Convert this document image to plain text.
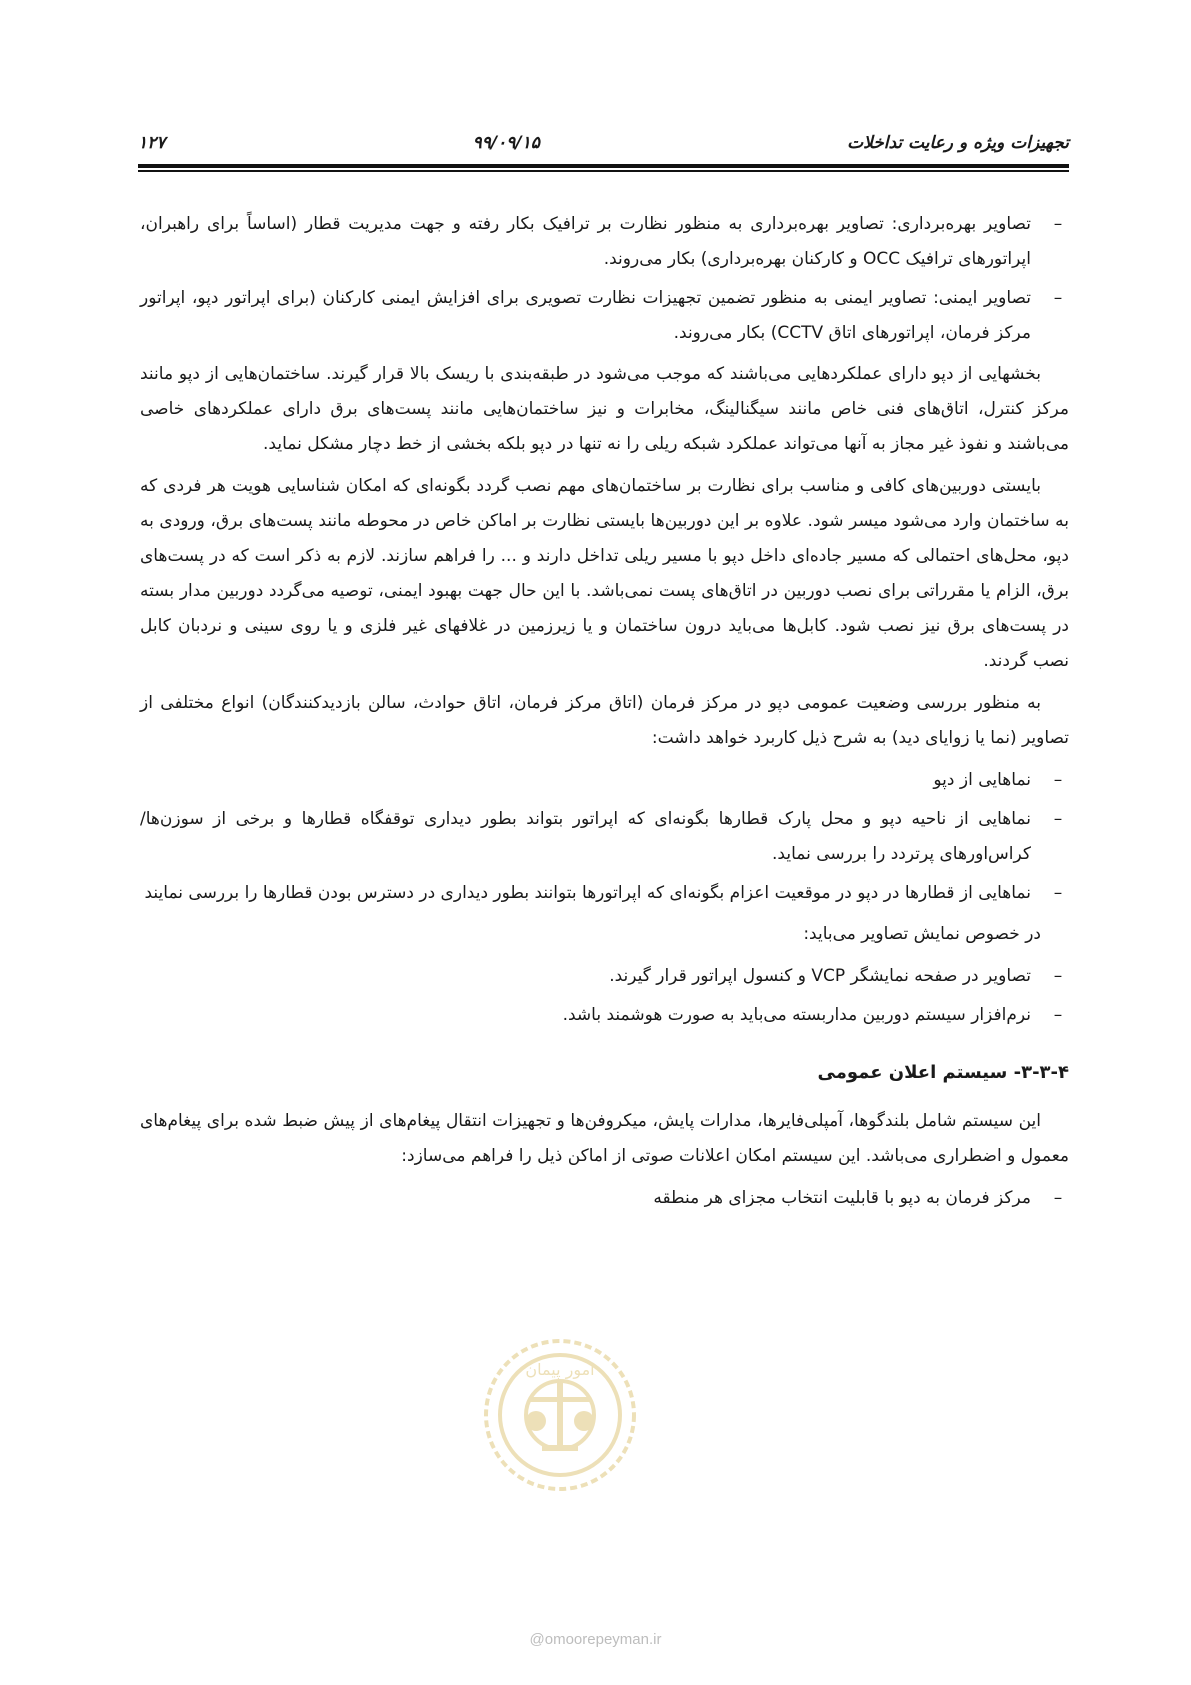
تجهیزات ویژه و رعایت تداخلات
۹۹/۰۹/۱۵
۱۲۷
–
تصاویر بهره‌برداری: تصاویر بهره‌برداری به منظور نظارت بر ترافیک بکار رفته و جهت مدیریت قطار (اساساً برای راهبران، اپراتورهای ترافیک OCC و کارکنان بهره‌برداری) بکار می‌روند.
–
تصاویر ایمنی: تصاویر ایمنی به منظور تضمین تجهیزات نظارت تصویری برای افزایش ایمنی کارکنان (برای اپراتور دپو، اپراتور مرکز فرمان، اپراتورهای اتاق CCTV) بکار می‌روند.

بخشهایی از دپو دارای عملکردهایی می‌باشند که موجب می‌شود در طبقه‌بندی با ریسک بالا قرار گیرند. ساختمان‌هایی از دپو مانند مرکز کنترل، اتاق‌های فنی خاص مانند سیگنالینگ، مخابرات و نیز ساختمان‌هایی مانند پست‌های برق دارای عملکردهای خاصی می‌باشند و نفوذ غیر مجاز به آنها می‌تواند عملکرد شبکه ریلی را نه تنها در دپو بلکه بخشی از خط دچار مشکل نماید.

بایستی دوربین‌های کافی و مناسب برای نظارت بر ساختمان‌های مهم نصب گردد بگونه‌ای که امکان شناسایی هویت هر فردی که به ساختمان وارد می‌شود میسر شود. علاوه بر این دوربین‌ها بایستی نظارت بر اماکن خاص در محوطه مانند پست‌های برق، ورودی به دپو، محل‌های احتمالی که مسیر جاده‌ای داخل دپو با مسیر ریلی تداخل دارند و ... را فراهم سازند. لازم به ذکر است که در پست‌های برق، الزام یا مقرراتی برای نصب دوربین در اتاق‌های پست نمی‌باشد. با این حال جهت بهبود ایمنی، توصیه می‌گردد دوربین مدار بسته در پست‌های برق نیز نصب شود. کابل‌ها می‌باید درون ساختمان و یا زیرزمین در غلافهای غیر فلزی و یا روی سینی و نردبان کابل نصب گردند.

به منظور بررسی وضعیت عمومی دپو در مرکز فرمان (اتاق مرکز فرمان، اتاق حوادث، سالن بازدیدکنندگان) انواع مختلفی از تصاویر (نما یا زوایای دید) به شرح ذیل کاربرد خواهد داشت:

–
نماهایی از دپو
–
نماهایی از ناحیه دپو و محل پارک قطارها بگونه‌ای که اپراتور بتواند بطور دیداری توقفگاه قطارها و برخی از سوزن‌ها/کراس‌اورهای پرتردد را بررسی نماید.
–
نماهایی از قطارها در دپو در موقعیت اعزام بگونه‌ای که اپراتورها بتوانند بطور دیداری در دسترس بودن قطارها را بررسی نمایند

در خصوص نمایش تصاویر می‌باید:

–
تصاویر در صفحه نمایشگر VCP و کنسول اپراتور قرار گیرند.
–
نرم‌افزار سیستم دوربین مداربسته می‌باید به صورت هوشمند باشد.
۳-۳-۴- سیستم اعلان عمومی

این سیستم شامل بلندگوها، آمپلی‌فایرها، مدارات پایش، میکروفن‌ها و تجهیزات انتقال پیغام‌های از پیش ضبط شده برای پیغام‌های معمول و اضطراری می‌باشد. این سیستم امکان اعلانات صوتی از اماکن ذیل را فراهم می‌سازد:

–
مرکز فرمان به دپو با قابلیت انتخاب مجزای هر منطقه
امور پیمان
@omoorepeyman.ir
